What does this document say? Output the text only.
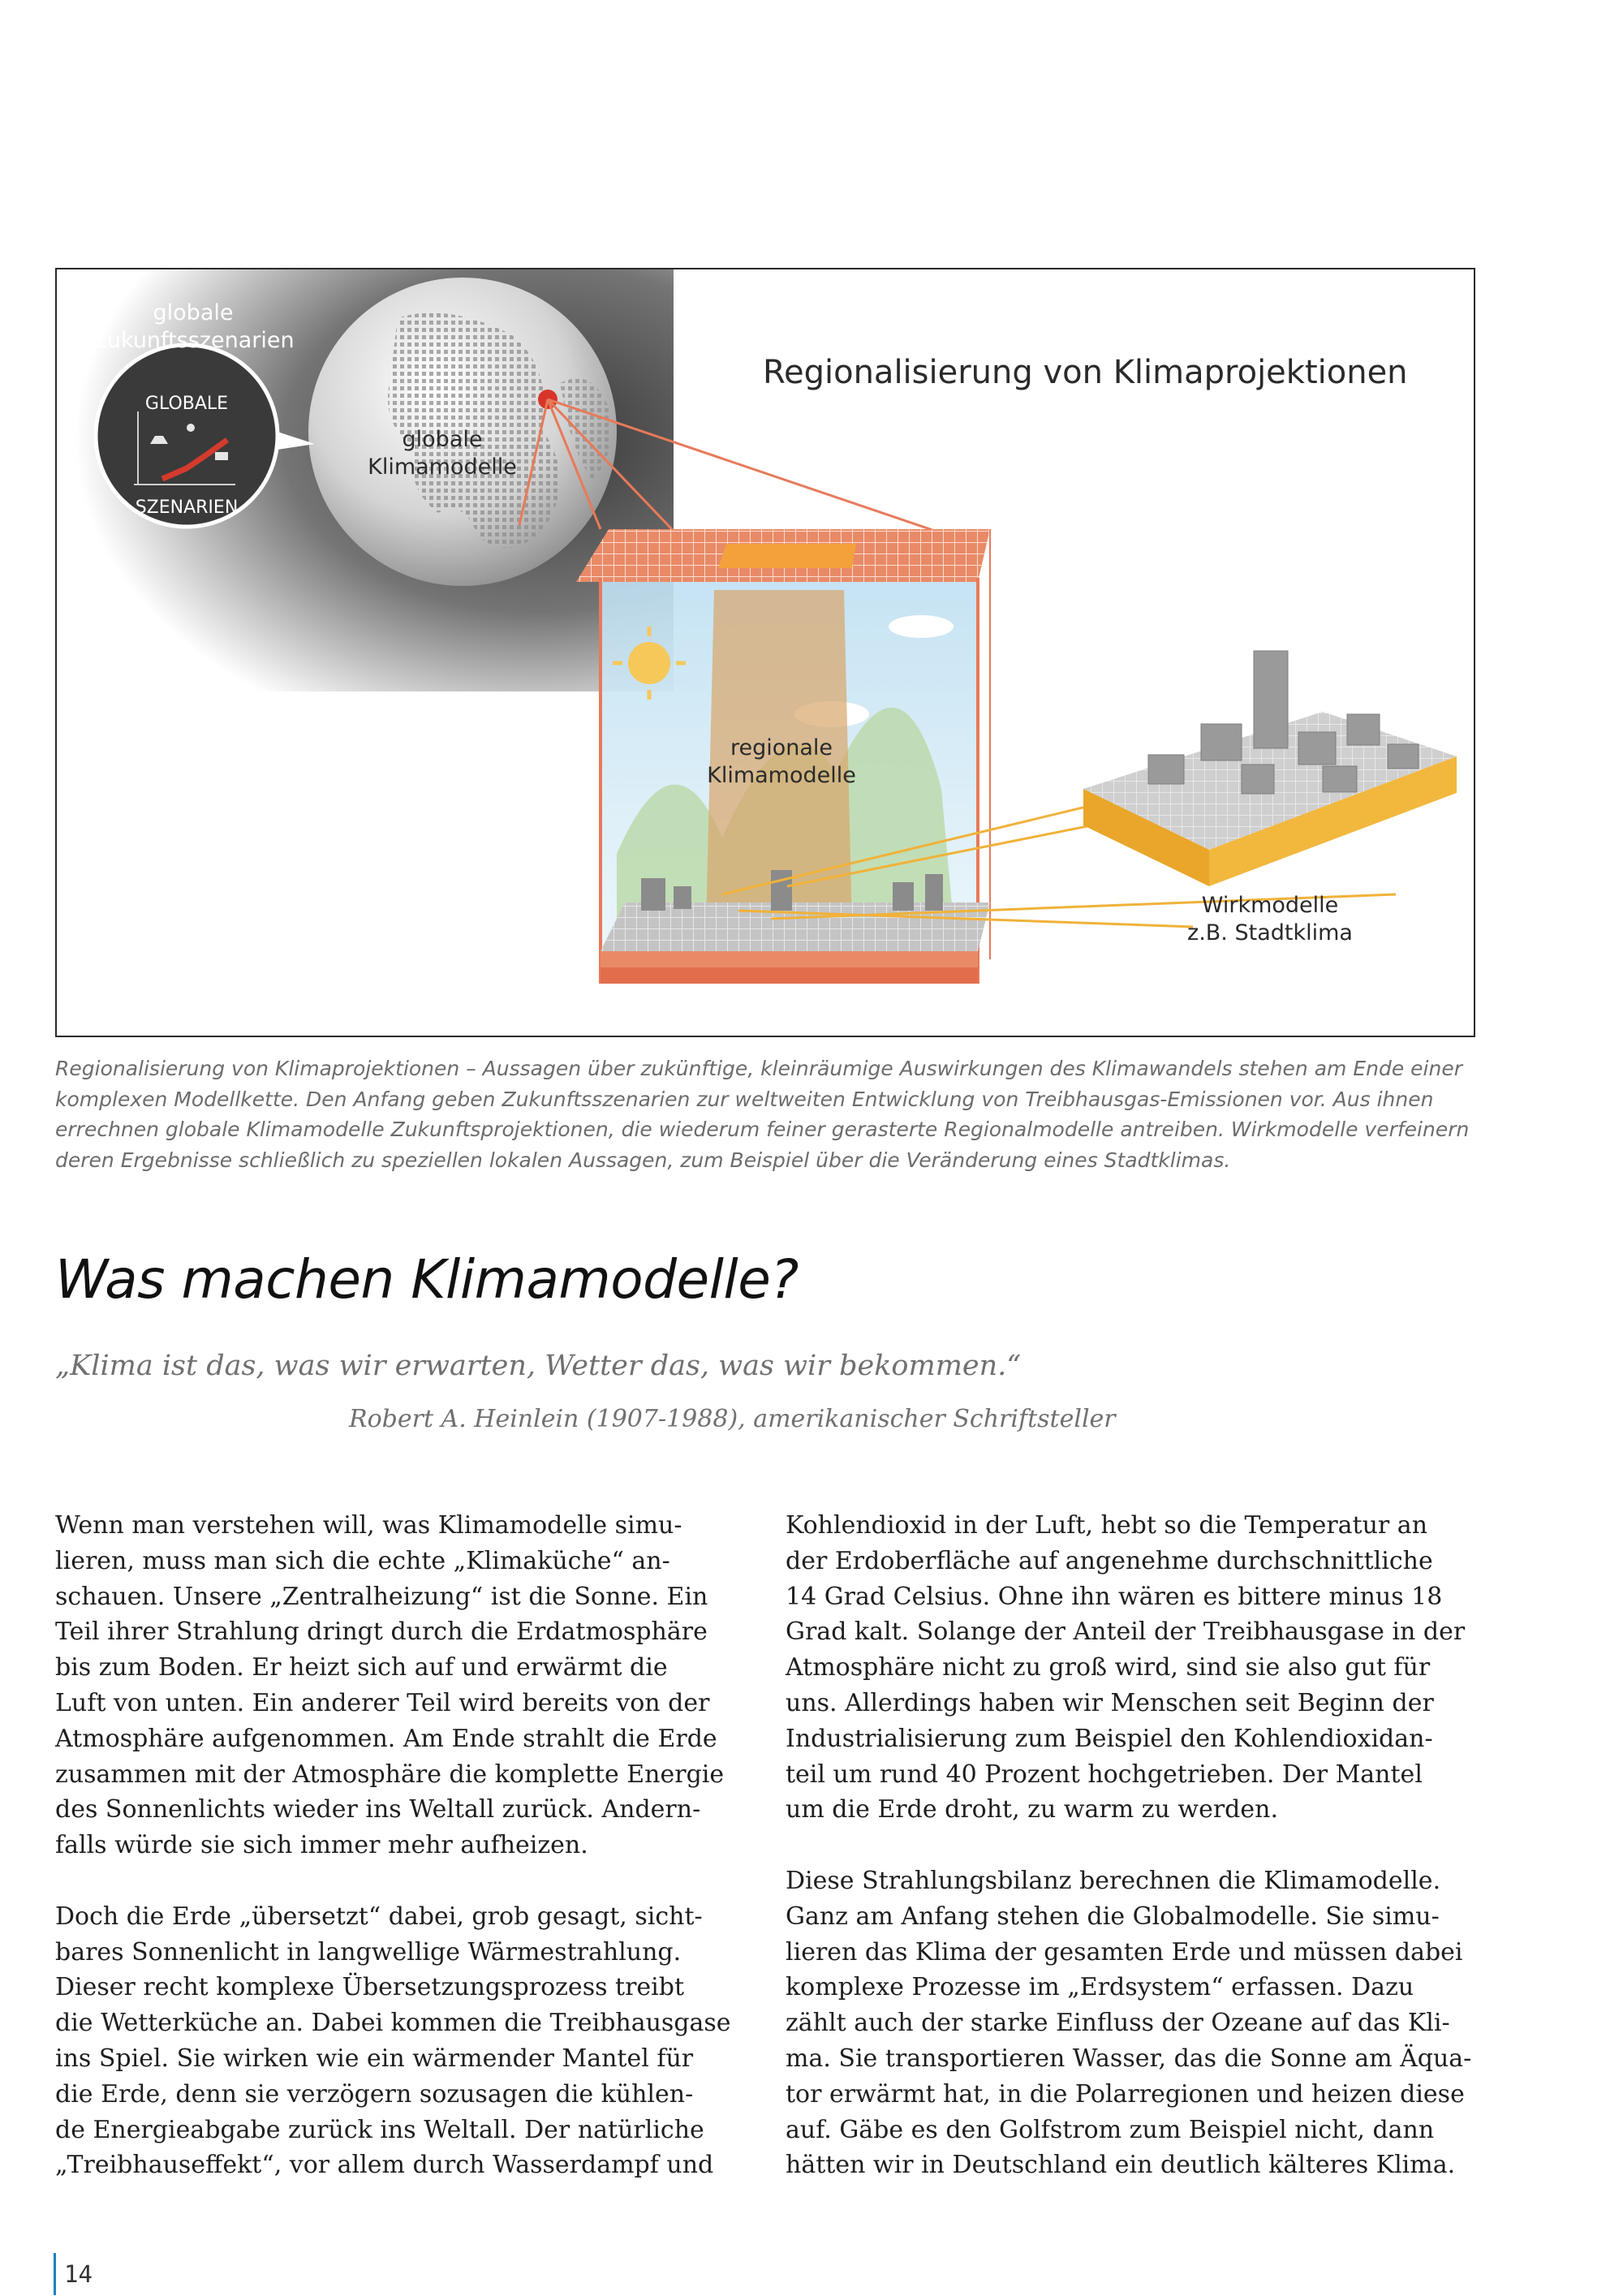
GLOBALE
SZENARIEN
globale
Zukunftsszenarien
globale
Klimamodelle
Regionalisierung von Klimaprojektionen
regionale
Klimamodelle
Wirkmodelle
z.B. Stadtklima

Regionalisierung von Klimaprojektionen – Aussagen über zukünftige, kleinräumige Auswirkungen des Klimawandels stehen am Ende einer
komplexen Modellkette. Den Anfang geben Zukunftsszenarien zur weltweiten Entwicklung von Treibhausgas-Emissionen vor. Aus ihnen
errechnen globale Klimamodelle Zukunftsprojektionen, die wiederum feiner gerasterte Regionalmodelle antreiben. Wirkmodelle verfeinern
deren Ergebnisse schließlich zu speziellen lokalen Aussagen, zum Beispiel über die Veränderung eines Stadtklimas.

Was machen Klimamodelle?

„Klima ist das, was wir erwarten, Wetter das, was wir bekommen.“

Robert A. Heinlein (1907-1988), amerikanischer Schriftsteller

Wenn man verstehen will, was Klimamodelle simu-
lieren, muss man sich die echte „Klimaküche“ an-
schauen. Unsere „Zentralheizung“ ist die Sonne. Ein
Teil ihrer Strahlung dringt durch die Erdatmosphäre
bis zum Boden. Er heizt sich auf und erwärmt die
Luft von unten. Ein anderer Teil wird bereits von der
Atmosphäre aufgenommen. Am Ende strahlt die Erde
zusammen mit der Atmosphäre die komplette Energie
des Sonnenlichts wieder ins Weltall zurück. Andern-
falls würde sie sich immer mehr aufheizen.

Doch die Erde „übersetzt“ dabei, grob gesagt, sicht-
bares Sonnenlicht in langwellige Wärmestrahlung.
Dieser recht komplexe Übersetzungsprozess treibt
die Wetterküche an. Dabei kommen die Treibhausgase
ins Spiel. Sie wirken wie ein wärmender Mantel für
die Erde, denn sie verzögern sozusagen die kühlen-
de Energieabgabe zurück ins Weltall. Der natürliche
„Treibhauseffekt“, vor allem durch Wasserdampf und

Kohlendioxid in der Luft, hebt so die Temperatur an
der Erdoberfläche auf angenehme durchschnittliche
14 Grad Celsius. Ohne ihn wären es bittere minus 18
Grad kalt. Solange der Anteil der Treibhausgase in der
Atmosphäre nicht zu groß wird, sind sie also gut für
uns. Allerdings haben wir Menschen seit Beginn der
Industrialisierung zum Beispiel den Kohlendioxidan-
teil um rund 40 Prozent hochgetrieben. Der Mantel
um die Erde droht, zu warm zu werden.

Diese Strahlungsbilanz berechnen die Klimamodelle.
Ganz am Anfang stehen die Globalmodelle. Sie simu-
lieren das Klima der gesamten Erde und müssen dabei
komplexe Prozesse im „Erdsystem“ erfassen. Dazu
zählt auch der starke Einfluss der Ozeane auf das Kli-
ma. Sie transportieren Wasser, das die Sonne am Äqua-
tor erwärmt hat, in die Polarregionen und heizen diese
auf. Gäbe es den Golfstrom zum Beispiel nicht, dann
hätten wir in Deutschland ein deutlich kälteres Klima.

14
